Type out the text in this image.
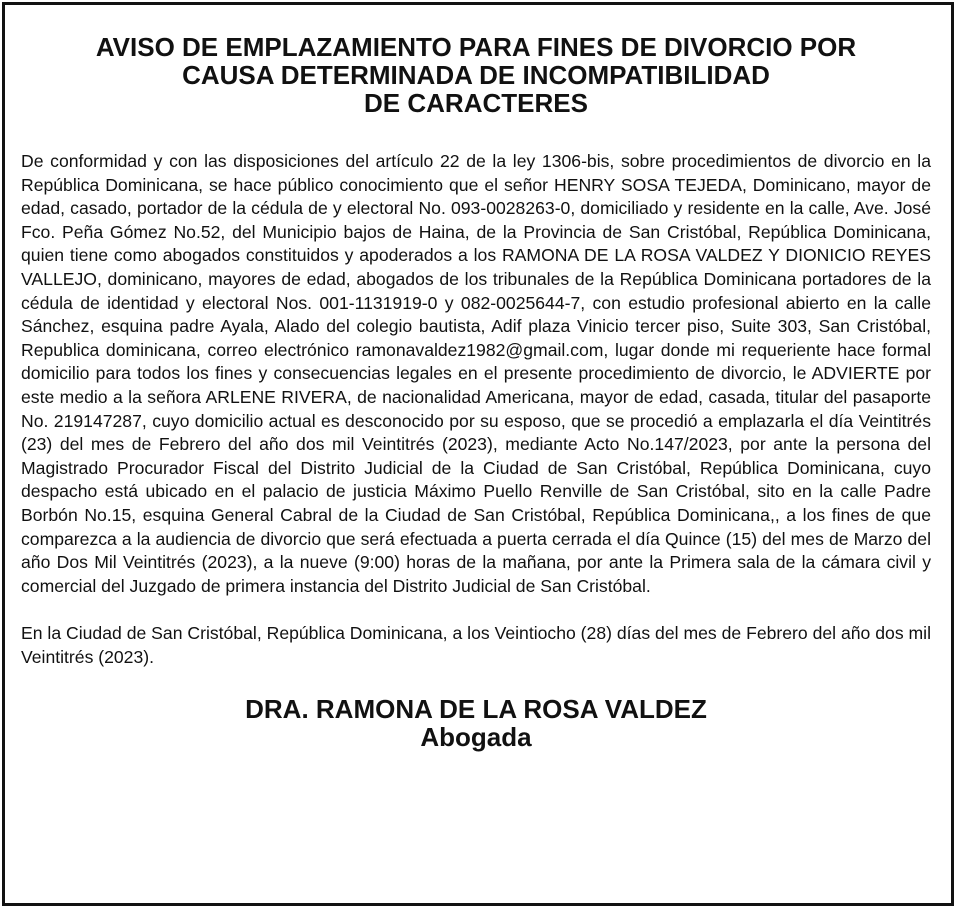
AVISO DE EMPLAZAMIENTO PARA FINES DE DIVORCIO POR
CAUSA DETERMINADA DE INCOMPATIBILIDAD
DE CARACTERES

De conformidad y con las disposiciones del artículo 22 de la ley 1306-bis, sobre procedimientos de divorcio en la República Dominicana, se hace público conocimiento que el señor HENRY SOSA TEJEDA, Dominicano, mayor de edad, casado, portador de la cédula de y electoral No. 093-0028263-0, domiciliado y residente en la calle, Ave. José Fco. Peña Gómez No.52, del Municipio bajos de Haina, de la Provincia de San Cristóbal, República Dominicana, quien tiene como abogados constituidos y apoderados a los RAMONA DE LA ROSA VALDEZ Y DIONICIO REYES VALLEJO, dominicano, mayores de edad, abogados de los tribunales de la República Dominicana portadores de la cédula de identidad y electoral Nos. 001-1131919-0 y 082-0025644-7, con estudio profesional abierto en la calle Sánchez, esquina padre Ayala, Alado del colegio bautista, Adif plaza Vinicio tercer piso, Suite 303, San Cristóbal, Republica dominicana, correo electrónico ramonavaldez1982@gmail.com, lugar donde mi requeriente hace formal domicilio para todos los fines y consecuencias legales en el presente procedimiento de divorcio, le ADVIERTE por este medio a la señora ARLENE RIVERA, de nacionalidad Americana, mayor de edad, casada, titular del pasaporte No. 219147287, cuyo domicilio actual es desconocido por su esposo, que se procedió a emplazarla el día Veintitrés (23) del mes de Febrero del año dos mil Veintitrés (2023), mediante Acto No.147/2023, por ante la persona del Magistrado Procurador Fiscal del Distrito Judicial de la Ciudad de San Cristóbal, República Dominicana, cuyo despacho está ubicado en el palacio de justicia Máximo Puello Renville de San Cristóbal, sito en la calle Padre Borbón No.15, esquina General Cabral de la Ciudad de San Cristóbal, República Dominicana,, a los fines de que comparezca a la audiencia de divorcio que será efectuada a puerta cerrada el día Quince (15) del mes de Marzo del año Dos Mil Veintitrés (2023), a la nueve (9:00) horas de la mañana, por ante la Primera sala de la cámara civil y comercial del Juzgado de primera instancia del Distrito Judicial de San Cristóbal.

En la Ciudad de San Cristóbal, República Dominicana, a los Veintiocho (28) días del mes de Febrero del año dos mil Veintitrés (2023).

DRA. RAMONA DE LA ROSA VALDEZ
Abogada
